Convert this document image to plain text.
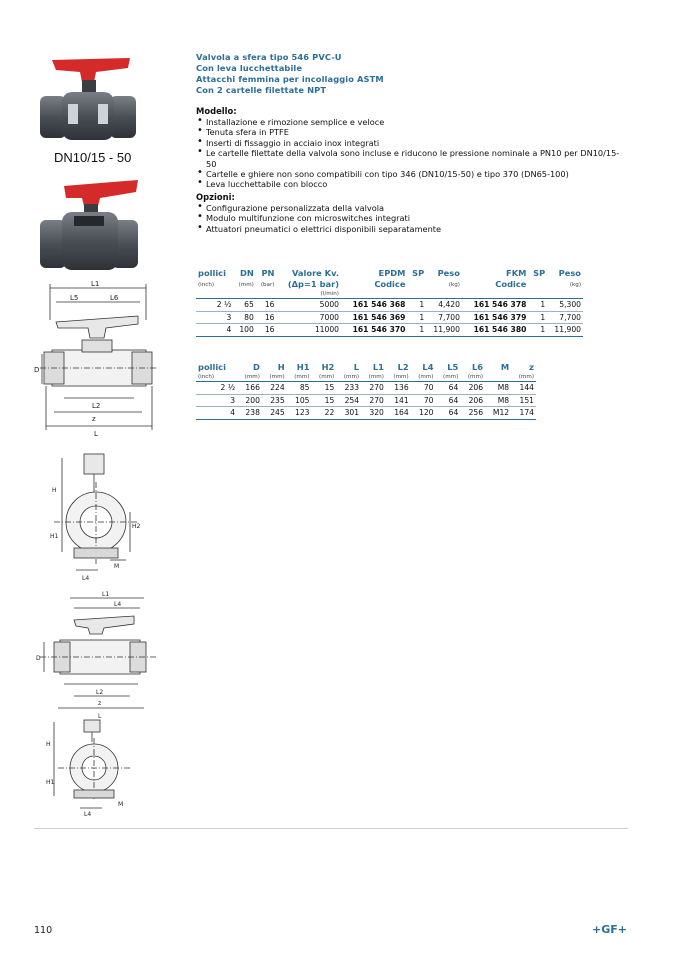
DN10/15 - 50
L1
L5	L6
L2
z
L
D
H
H2
H1
L4
M
L1
L4
L2
z
L
D
H
H1
L4
M
Valvola a sfera tipo 546 PVC-U
Con leva lucchettabile
Attacchi femmina per incollaggio ASTM
Con 2 cartelle filettate NPT
Modello:
• Installazione e rimozione semplice e veloce
• Tenuta sfera in PTFE
• Inserti di fissaggio in acciaio inox integrati
• Le cartelle filettate della valvola sono incluse e riducono le pressione nominale a PN10 per DN10/15-50
• Cartelle e ghiere non sono compatibili con tipo 346 (DN10/15-50) e tipo 370 (DN65-100)
• Leva lucchettabile con blocco
Opzioni:
• Configurazione personalizzata della valvola
• Modulo multifunzione con microswitches integrati
• Attuatori pneumatici o elettrici disponibili separatamente
pollici	DN	PN	Valore Kv.	EPDM	SP	Peso	FKM	SP	Peso
(inch)	(mm)	(bar)	(Δp=1 bar)	Codice		(kg)	Codice		(kg)
			(l/min)						
2 ½	65	16	5000	161 546 368	1	4,420	161 546 378	1	5,300
3	80	16	7000	161 546 369	1	7,700	161 546 379	1	7,700
4	100	16	11000	161 546 370	1	11,900	161 546 380	1	11,900
pollici	D	H	H1	H2	L	L1	L2	L4	L5	L6	M	z
(inch)	(mm)	(mm)	(mm)	(mm)	(mm)	(mm)	(mm)	(mm)	(mm)	(mm)		(mm)
2 ½	166	224	85	15	233	270	136	70	64	206	M8	144
3	200	235	105	15	254	270	141	70	64	206	M8	151
4	238	245	123	22	301	320	164	120	64	256	M12	174
110	+GF+
